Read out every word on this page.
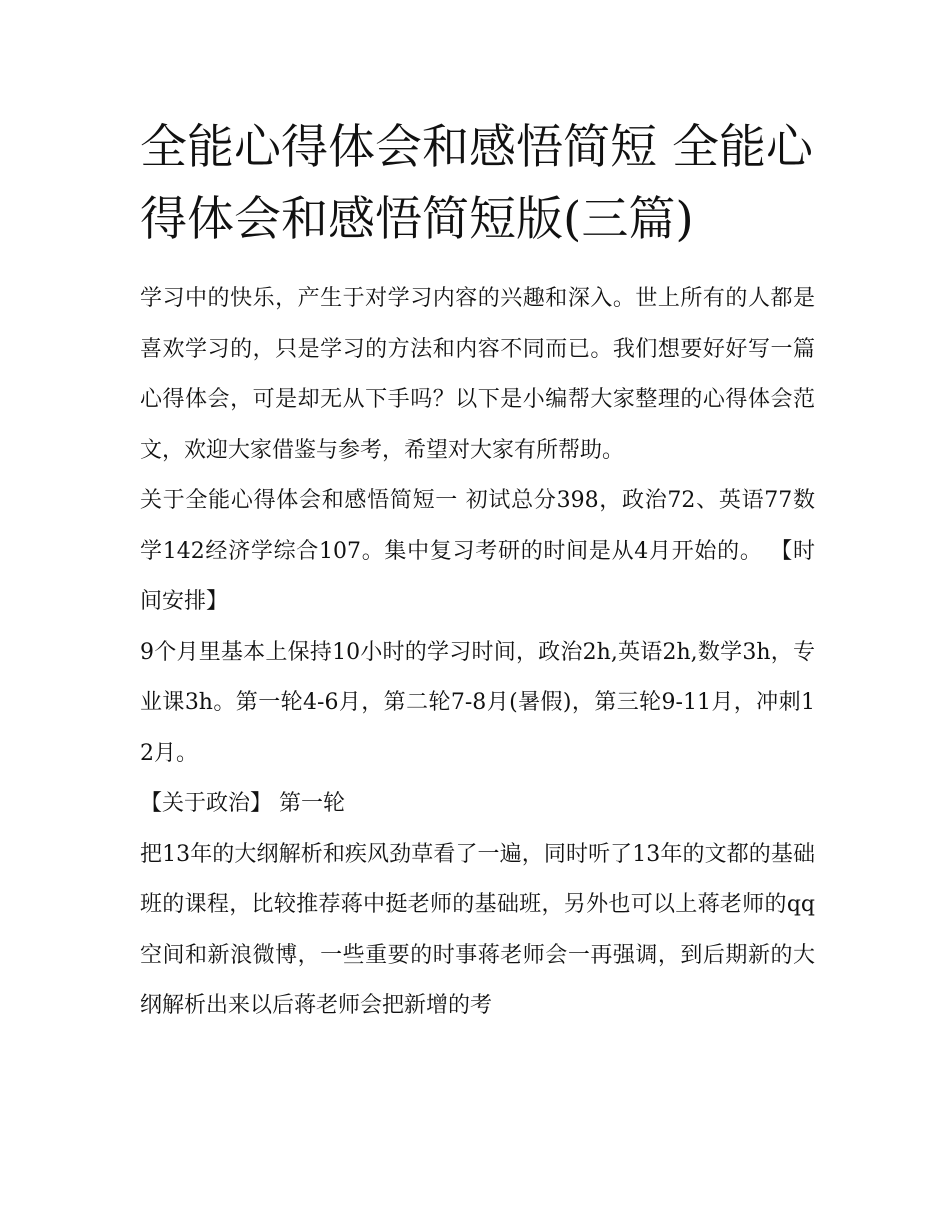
全能心得体会和感悟简短 全能心得体会和感悟简短版(三篇)

学习中的快乐，产生于对学习内容的兴趣和深入。世上所有的人都是喜欢学习的，只是学习的方法和内容不同而已。我们想要好好写一篇心得体会，可是却无从下手吗？以下是小编帮大家整理的心得体会范文，欢迎大家借鉴与参考，希望对大家有所帮助。

关于全能心得体会和感悟简短一 初试总分398，政治72、英语77数学142经济学综合107。集中复习考研的时间是从4月开始的。 【时间安排】

9个月里基本上保持10小时的学习时间，政治2h,英语2h,数学3h，专业课3h。第一轮4-6月，第二轮7-8月(暑假)，第三轮9-11月，冲刺12月。

【关于政治】 第一轮

把13年的大纲解析和疾风劲草看了一遍，同时听了13年的文都的基础班的课程，比较推荐蒋中挺老师的基础班，另外也可以上蒋老师的qq空间和新浪微博，一些重要的时事蒋老师会一再强调，到后期新的大纲解析出来以后蒋老师会把新增的考
